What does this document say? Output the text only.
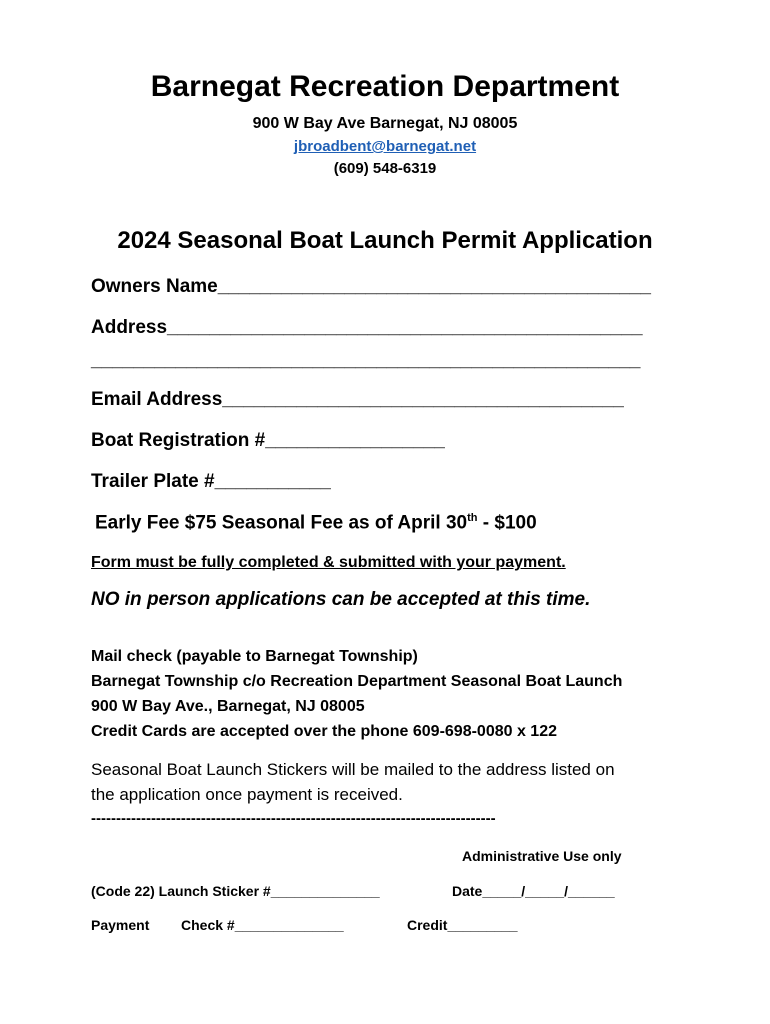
Barnegat Recreation Department
900 W Bay Ave Barnegat, NJ 08005
jbroadbent@barnegat.net
(609) 548-6319
2024 Seasonal Boat Launch Permit Application
Owners Name_________________________________________
Address_____________________________________________
____________________________________________________
Email Address______________________________________
Boat Registration #_________________
Trailer Plate #___________
Early Fee $75 Seasonal Fee as of April 30th - $100
Form must be fully completed & submitted with your payment.
NO in person applications can be accepted at this time.
Mail check (payable to Barnegat Township)
Barnegat Township c/o Recreation Department Seasonal Boat Launch
900 W Bay Ave., Barnegat, NJ 08005
Credit Cards are accepted over the phone 609-698-0080 x 122
Seasonal Boat Launch Stickers will be mailed to the address listed on
the application once payment is received.
---------------------------------------------------------------------------------
Administrative Use only
(Code 22) Launch Sticker #______________	Date_____/_____/______
Payment Check #______________	Credit_________
